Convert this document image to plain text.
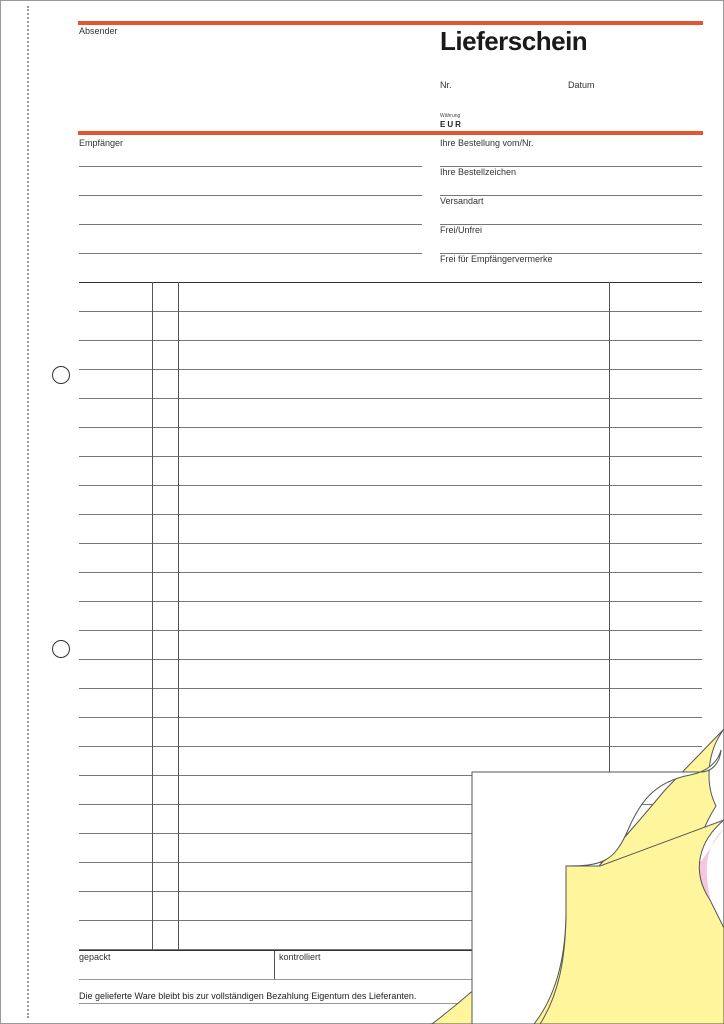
Absender	Lieferschein
Nr.	Datum
Währung
EUR
Empfänger	Ihre Bestellung vom/Nr.
Ihre Bestellzeichen
Versandart
Frei/Unfrei
Frei für Empfängervermerke
gepackt	kontrolliert
Die gelieferte Ware bleibt bis zur vollständigen Bezahlung Eigentum des Lieferanten.
